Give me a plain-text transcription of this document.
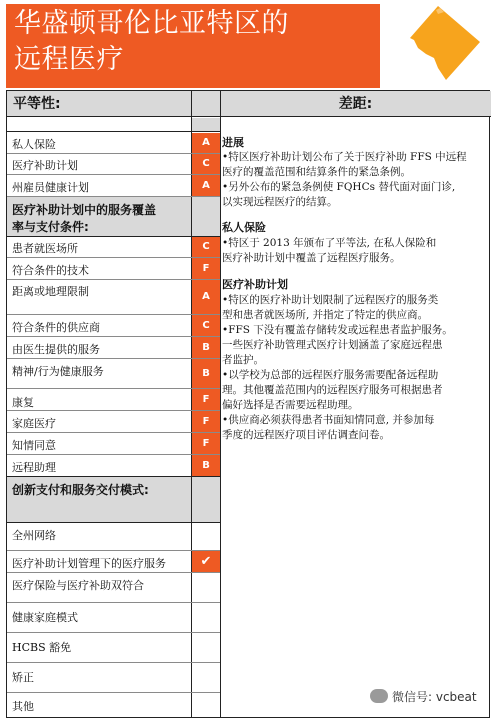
华盛顿哥伦比亚特区的
远程医疗
平等性:	差距:
私人保险	A
医疗补助计划	C
州雇员健康计划	A
医疗补助计划中的服务覆盖
率与支付条件:
患者就医场所	C
符合条件的技术	F
距离或地理限制	A
符合条件的供应商	C
由医生提供的服务	B
精神/行为健康服务	B
康复	F
家庭医疗	F
知情同意	F
远程助理	B
创新支付和服务交付模式:
全州网络
医疗补助计划管理下的医疗服务	✔
医疗保险与医疗补助双符合
健康家庭模式
HCBS 豁免
矫正
其他
进展
•特区医疗补助计划公布了关于医疗补助 FFS 中远程
医疗的覆盖范围和结算条件的紧急条例。
•另外公布的紧急条例使 FQHCs 替代面对面门诊,
以实现远程医疗的结算。
私人保险
•特区于 2013 年颁布了平等法, 在私人保险和
医疗补助计划中覆盖了远程医疗服务。
医疗补助计划
•特区的医疗补助计划限制了远程医疗的服务类
型和患者就医场所, 并指定了特定的供应商。
•FFS 下没有覆盖存储转发或远程患者监护服务。
一些医疗补助管理式医疗计划涵盖了家庭远程患
者监护。
•以学校为总部的远程医疗服务需要配备远程助
理。其他覆盖范围内的远程医疗服务可根据患者
偏好选择是否需要远程助理。
•供应商必须获得患者书面知情同意, 并参加每
季度的远程医疗项目评估调查问卷。
微信号: vcbeat
